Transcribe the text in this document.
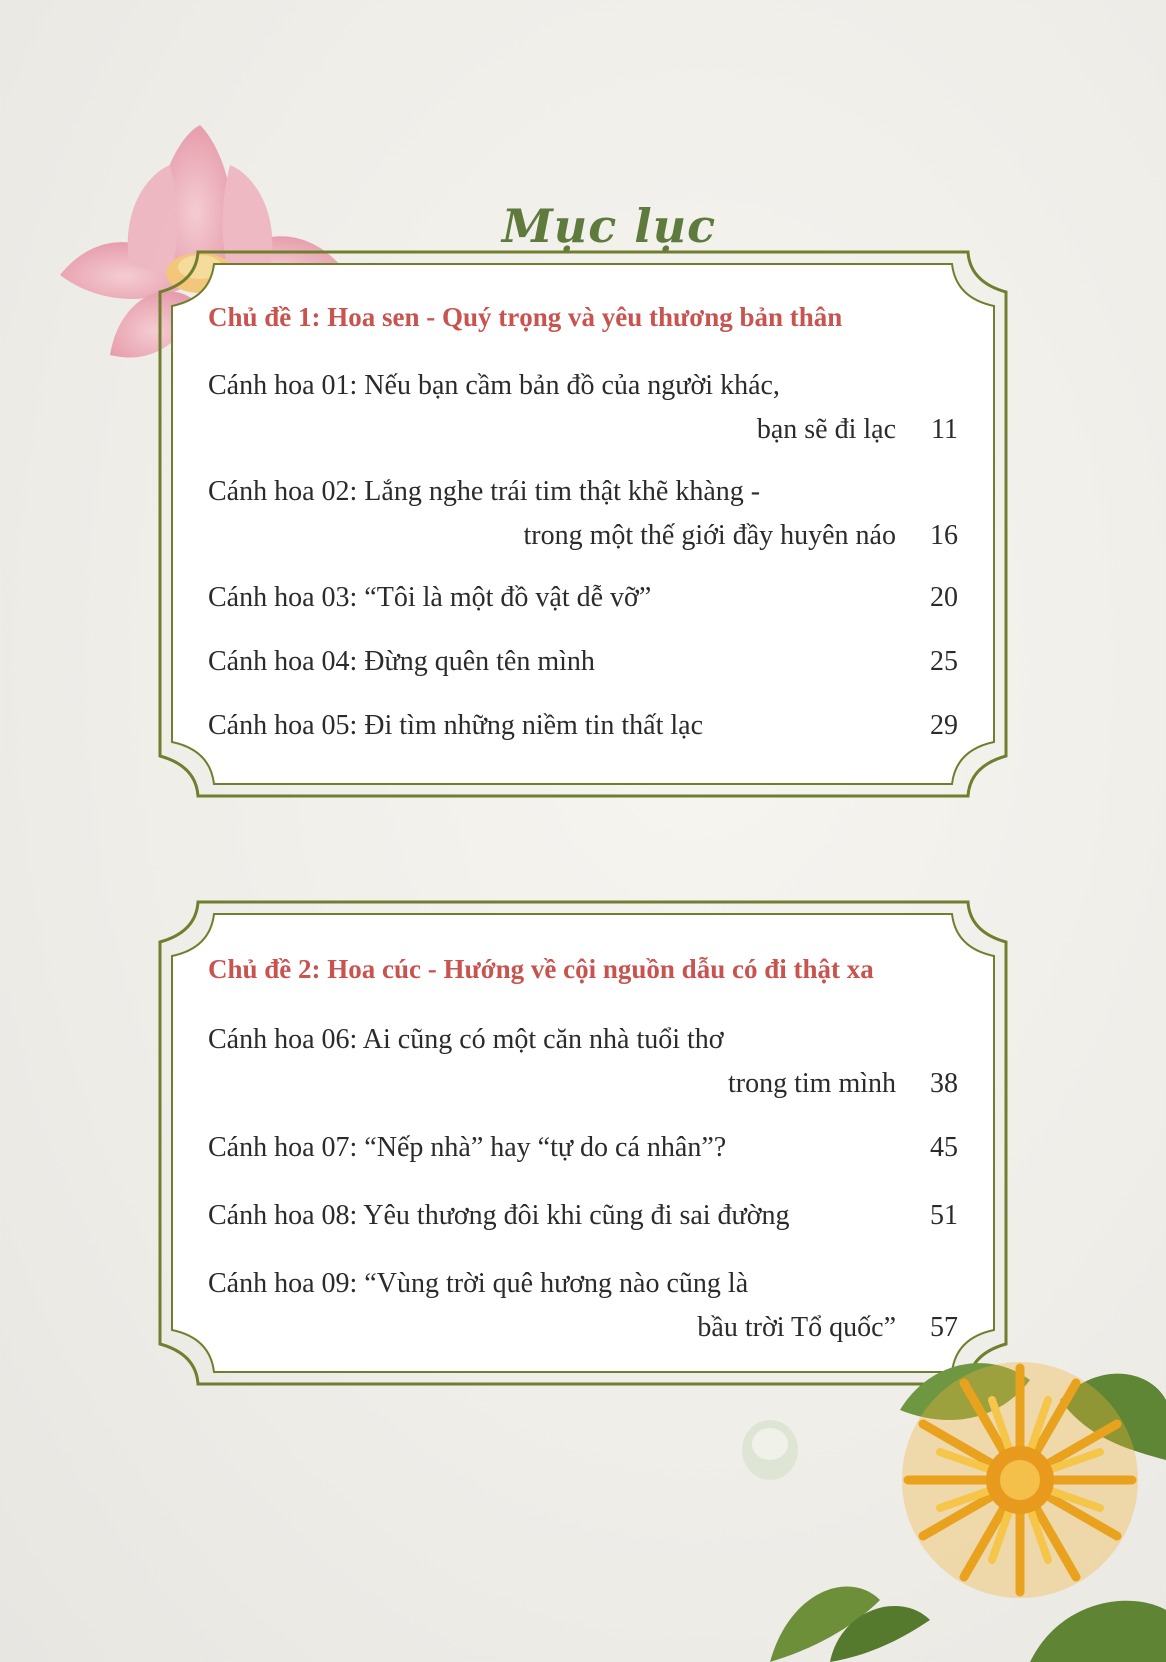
Mục lục
Chủ đề 1: Hoa sen - Quý trọng và yêu thương bản thân
Cánh hoa 01: Nếu bạn cầm bản đồ của người khác,
bạn sẽ đi lạc	11
Cánh hoa 02: Lắng nghe trái tim thật khẽ khàng -
trong một thế giới đầy huyên náo	16
Cánh hoa 03: “Tôi là một đồ vật dễ vỡ”	20
Cánh hoa 04: Đừng quên tên mình	25
Cánh hoa 05: Đi tìm những niềm tin thất lạc	29
Chủ đề 2: Hoa cúc - Hướng về cội nguồn dẫu có đi thật xa
Cánh hoa 06: Ai cũng có một căn nhà tuổi thơ
trong tim mình	38
Cánh hoa 07: “Nếp nhà” hay “tự do cá nhân”?	45
Cánh hoa 08: Yêu thương đôi khi cũng đi sai đường	51
Cánh hoa 09: “Vùng trời quê hương nào cũng là
bầu trời Tổ quốc”	57
